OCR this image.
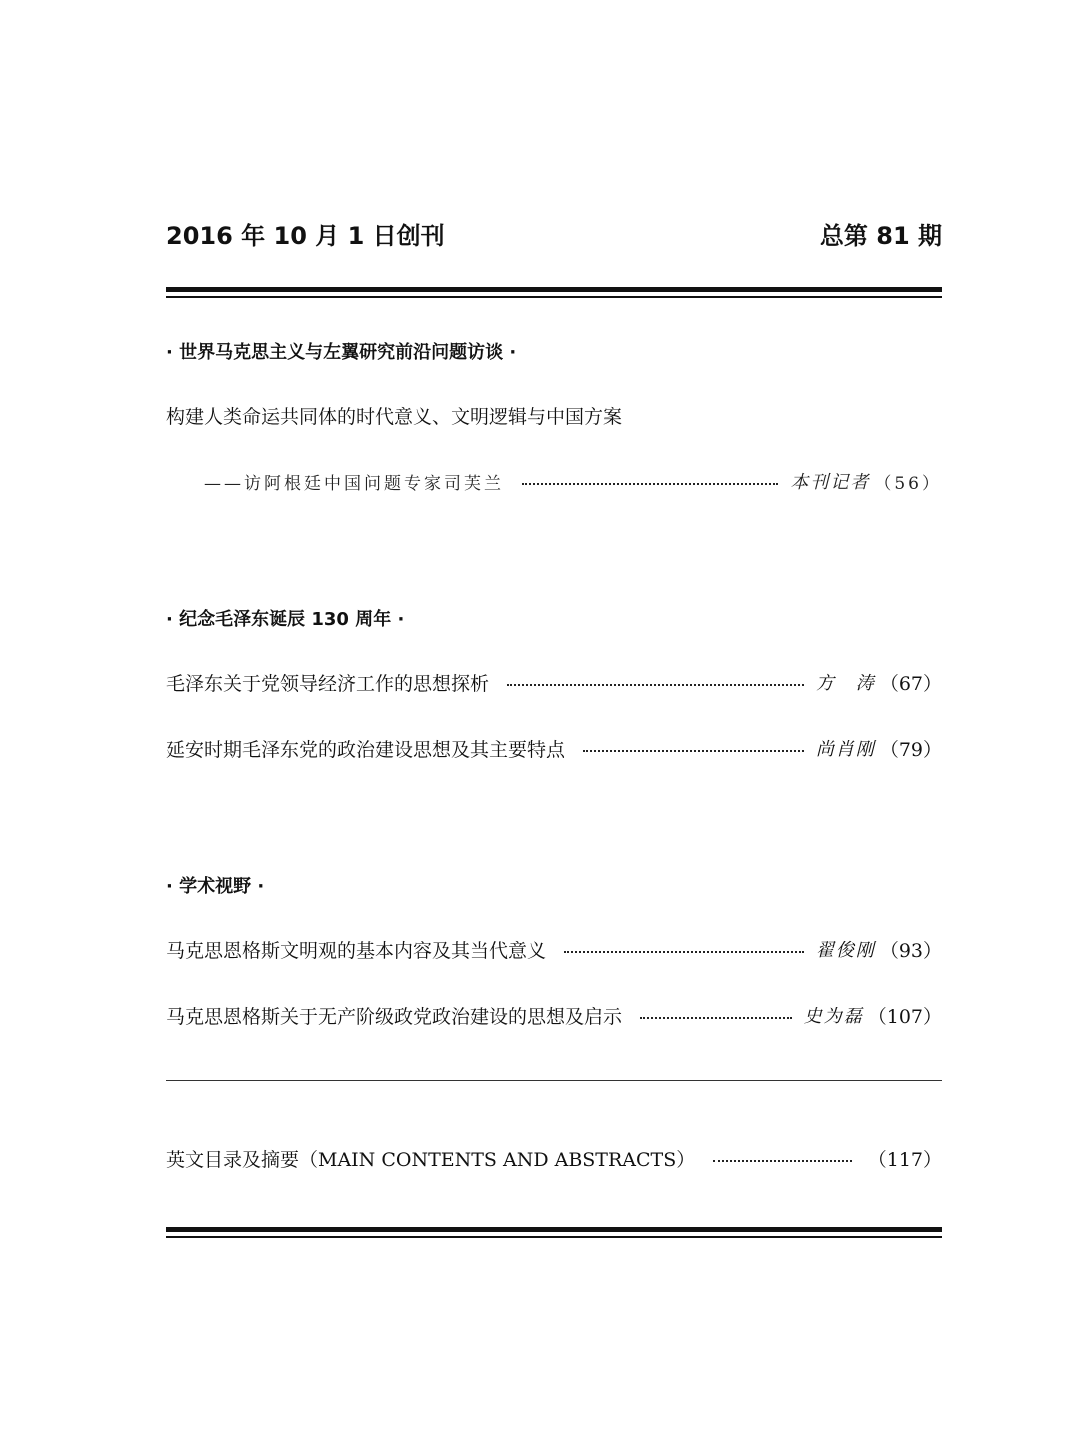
2016 年 10 月 1 日创刊	总第 81 期
· 世界马克思主义与左翼研究前沿问题访谈 ·
构建人类命运共同体的时代意义、文明逻辑与中国方案
——访阿根廷中国问题专家司芙兰	本刊记者 （56）
· 纪念毛泽东诞辰 130 周年 ·
毛泽东关于党领导经济工作的思想探析	方　涛 （67）
延安时期毛泽东党的政治建设思想及其主要特点	尚肖刚 （79）
· 学术视野 ·
马克思恩格斯文明观的基本内容及其当代意义	翟俊刚 （93）
马克思恩格斯关于无产阶级政党政治建设的思想及启示	史为磊 （107）
英文目录及摘要（MAIN CONTENTS AND ABSTRACTS）	（117）
